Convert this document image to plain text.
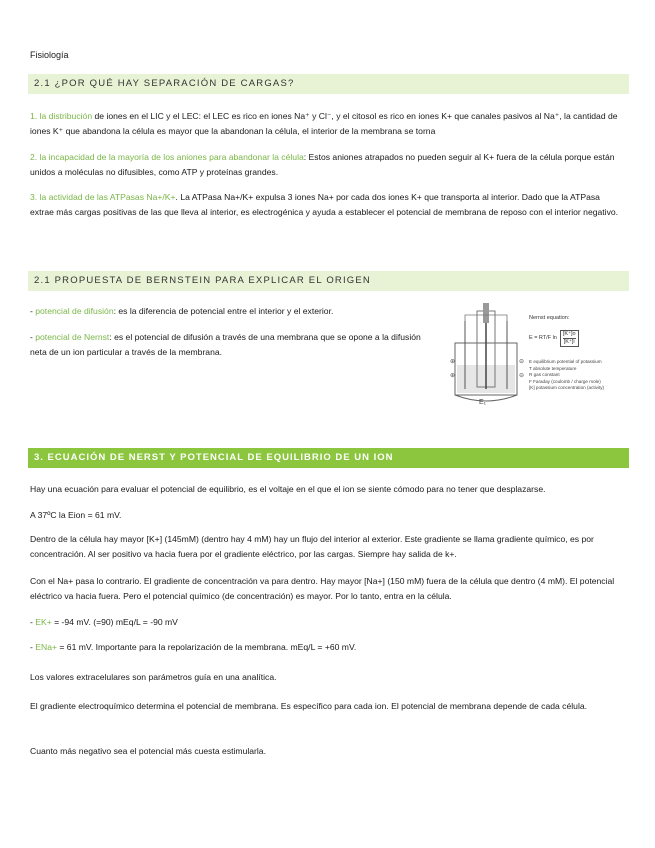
Fisiología
2.1 ¿POR QUÉ HAY SEPARACIÓN DE CARGAS?
1. la distribución de iones en el LIC y el LEC: el LEC es rico en iones Na⁺ y Cl⁻, y el citosol es rico en iones K+ que canales pasivos al Na⁺, la cantidad de iones K⁺ que abandona la célula es mayor que la abandonan la célula, el interior de la membrana se torna
2. la incapacidad de la mayoría de los aniones para abandonar la célula: Estos aniones atrapados no pueden seguir al K+ fuera de la célula porque están unidos a moléculas no difusibles, como ATP y proteínas grandes.
3. la actividad de las ATPasas Na+/K+. La ATPasa Na+/K+ expulsa 3 iones Na+ por cada dos iones K+ que transporta al interior. Dado que la ATPasa extrae más cargas positivas de las que lleva al interior, es electrogénica y ayuda a establecer el potencial de membrana de reposo con el interior negativo.
2.1 PROPUESTA DE BERNSTEIN PARA EXPLICAR EL ORIGEN
- potencial de difusión: es la diferencia de potencial entre el interior y el exterior.
- potencial de Nernst: es el potencial de difusión a través de una membrana que se opone a la difusión neta de un ion particular a través de la membrana.
⊕	⊖
⊕	⊖
E₁
Nernst equation:
E = RT/F $\ln \frac{[K^+]o}{[K^+]i}$
E equilibrium potential of potassium
T absolute temperature
R gas constant
F Faraday (coulomb / charge mole)
[K] potassium concentration (activity)
3. ECUACIÓN DE NERST Y POTENCIAL DE EQUILIBRIO DE UN ION
Hay una ecuación para evaluar el potencial de equilibrio, es el voltaje en el que el ion se siente cómodo para no tener que desplazarse.
A 37ºC la Eion = 61 mV.
Dentro de la célula hay mayor [K+] (145mM) (dentro hay 4 mM) hay un flujo del interior al exterior. Este gradiente se llama gradiente químico, es por concentración. Al ser positivo va hacia fuera por el gradiente eléctrico, por las cargas. Siempre hay salida de k+.
Con el Na+ pasa lo contrario. El gradiente de concentración va para dentro. Hay mayor [Na+] (150 mM) fuera de la célula que dentro (4 mM). El potencial eléctrico va hacia fuera. Pero el potencial químico (de concentración) es mayor. Por lo tanto, entra en la célula.
- EK+ = -94 mV. (=90) mEq/L = -90 mV
- ENa+ = 61 mV. Importante para la repolarización de la membrana. mEq/L = +60 mV.
Los valores extracelulares son parámetros guía en una analítica.
El gradiente electroquímico determina el potencial de membrana. Es específico para cada ion. El potencial de membrana depende de cada célula.
Cuanto más negativo sea el potencial más cuesta estimularla.
